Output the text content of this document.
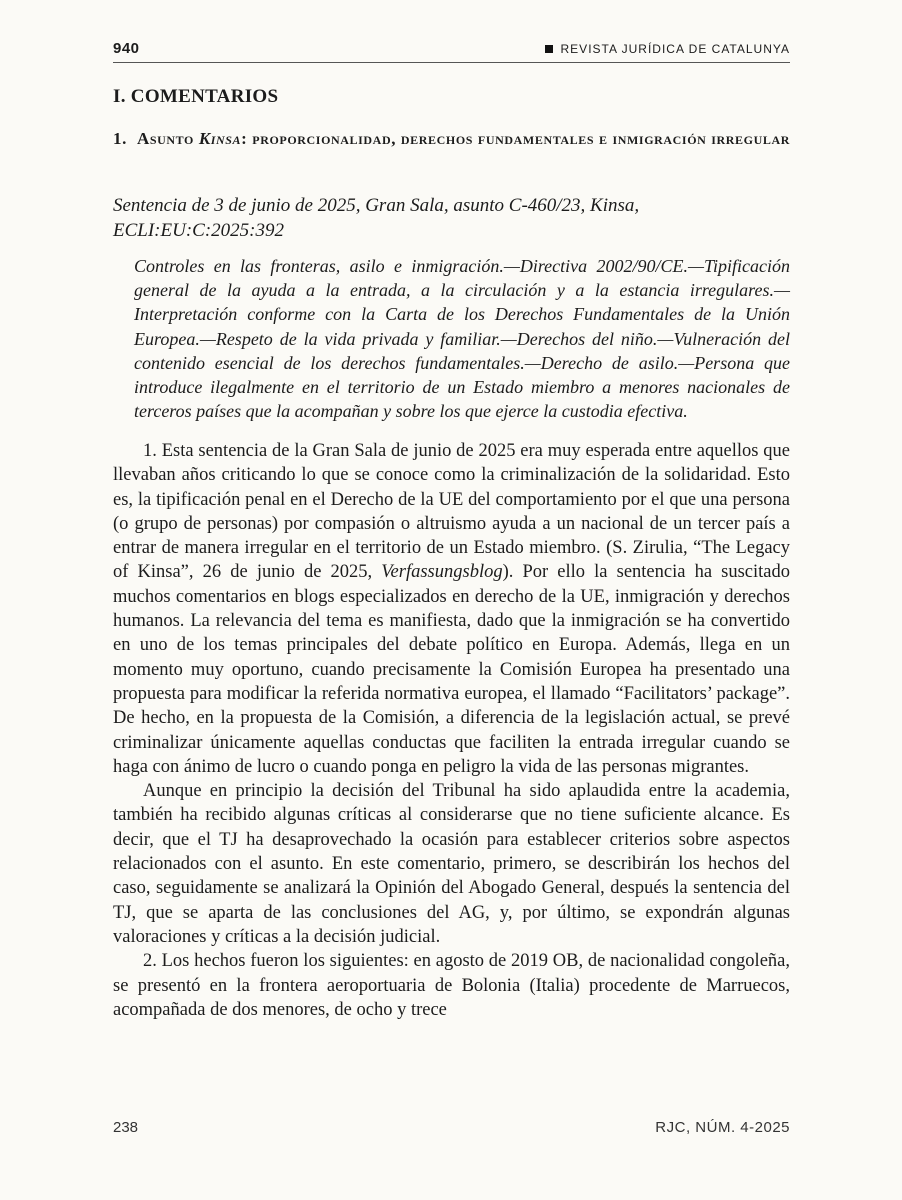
940	REVISTA JURÍDICA DE CATALUNYA
I. COMENTARIOS
1. Asunto Kinsa: proporcionalidad, derechos fundamentales e inmigración irregular
Sentencia de 3 de junio de 2025, Gran Sala, asunto C-460/23, Kinsa, ECLI:EU:C:2025:392
Controles en las fronteras, asilo e inmigración.—Directiva 2002/90/CE.—Tipificación general de la ayuda a la entrada, a la circulación y a la estancia irregulares.—Interpretación conforme con la Carta de los Derechos Fundamentales de la Unión Europea.—Respeto de la vida privada y familiar.—Derechos del niño.—Vulneración del contenido esencial de los derechos fundamentales.—Derecho de asilo.—Persona que introduce ilegalmente en el territorio de un Estado miembro a menores nacionales de terceros países que la acompañan y sobre los que ejerce la custodia efectiva.

1. Esta sentencia de la Gran Sala de junio de 2025 era muy esperada entre aquellos que llevaban años criticando lo que se conoce como la criminalización de la solidaridad. Esto es, la tipificación penal en el Derecho de la UE del comportamiento por el que una persona (o grupo de personas) por compasión o altruismo ayuda a un nacional de un tercer país a entrar de manera irregular en el territorio de un Estado miembro. (S. Zirulia, “The Legacy of Kinsa”, 26 de junio de 2025, Verfassungsblog). Por ello la sentencia ha suscitado muchos comentarios en blogs especializados en derecho de la UE, inmigración y derechos humanos. La relevancia del tema es manifiesta, dado que la inmigración se ha convertido en uno de los temas principales del debate político en Europa. Además, llega en un momento muy oportuno, cuando precisamente la Comisión Europea ha presentado una propuesta para modificar la referida normativa europea, el llamado “Facilitators’ package”. De hecho, en la propuesta de la Comisión, a diferencia de la legislación actual, se prevé criminalizar únicamente aquellas conductas que faciliten la entrada irregular cuando se haga con ánimo de lucro o cuando ponga en peligro la vida de las personas migrantes.

Aunque en principio la decisión del Tribunal ha sido aplaudida entre la academia, también ha recibido algunas críticas al considerarse que no tiene suficiente alcance. Es decir, que el TJ ha desaprovechado la ocasión para establecer criterios sobre aspectos relacionados con el asunto. En este comentario, primero, se describirán los hechos del caso, seguidamente se analizará la Opinión del Abogado General, después la sentencia del TJ, que se aparta de las conclusiones del AG, y, por último, se expondrán algunas valoraciones y críticas a la decisión judicial.

2. Los hechos fueron los siguientes: en agosto de 2019 OB, de nacionalidad congoleña, se presentó en la frontera aeroportuaria de Bolonia (Italia) procedente de Marruecos, acompañada de dos menores, de ocho y trece

238	RJC, NÚM. 4-2025
